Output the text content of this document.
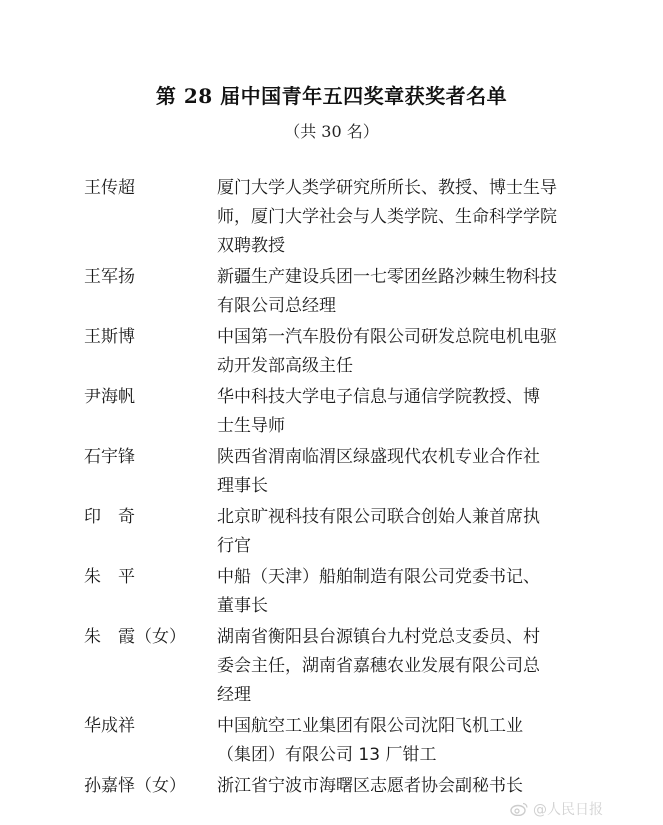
第 28 届中国青年五四奖章获奖者名单
（共 30 名）
王传超	厦门大学人类学研究所所长、教授、博士生导
师，厦门大学社会与人类学院、生命科学学院
双聘教授
王军扬	新疆生产建设兵团一七零团丝路沙棘生物科技
有限公司总经理
王斯博	中国第一汽车股份有限公司研发总院电机电驱
动开发部高级主任
尹海帆	华中科技大学电子信息与通信学院教授、博
士生导师
石宇锋	陕西省渭南临渭区绿盛现代农机专业合作社
理事长
印　奇	北京旷视科技有限公司联合创始人兼首席执
行官
朱　平	中船（天津）船舶制造有限公司党委书记、
董事长
朱　霞（女）	湖南省衡阳县台源镇台九村党总支委员、村
委会主任，湖南省嘉穗农业发展有限公司总
经理
华成祥	中国航空工业集团有限公司沈阳飞机工业
（集团）有限公司 13 厂钳工
孙嘉怿（女）	浙江省宁波市海曙区志愿者协会副秘书长
@人民日报
